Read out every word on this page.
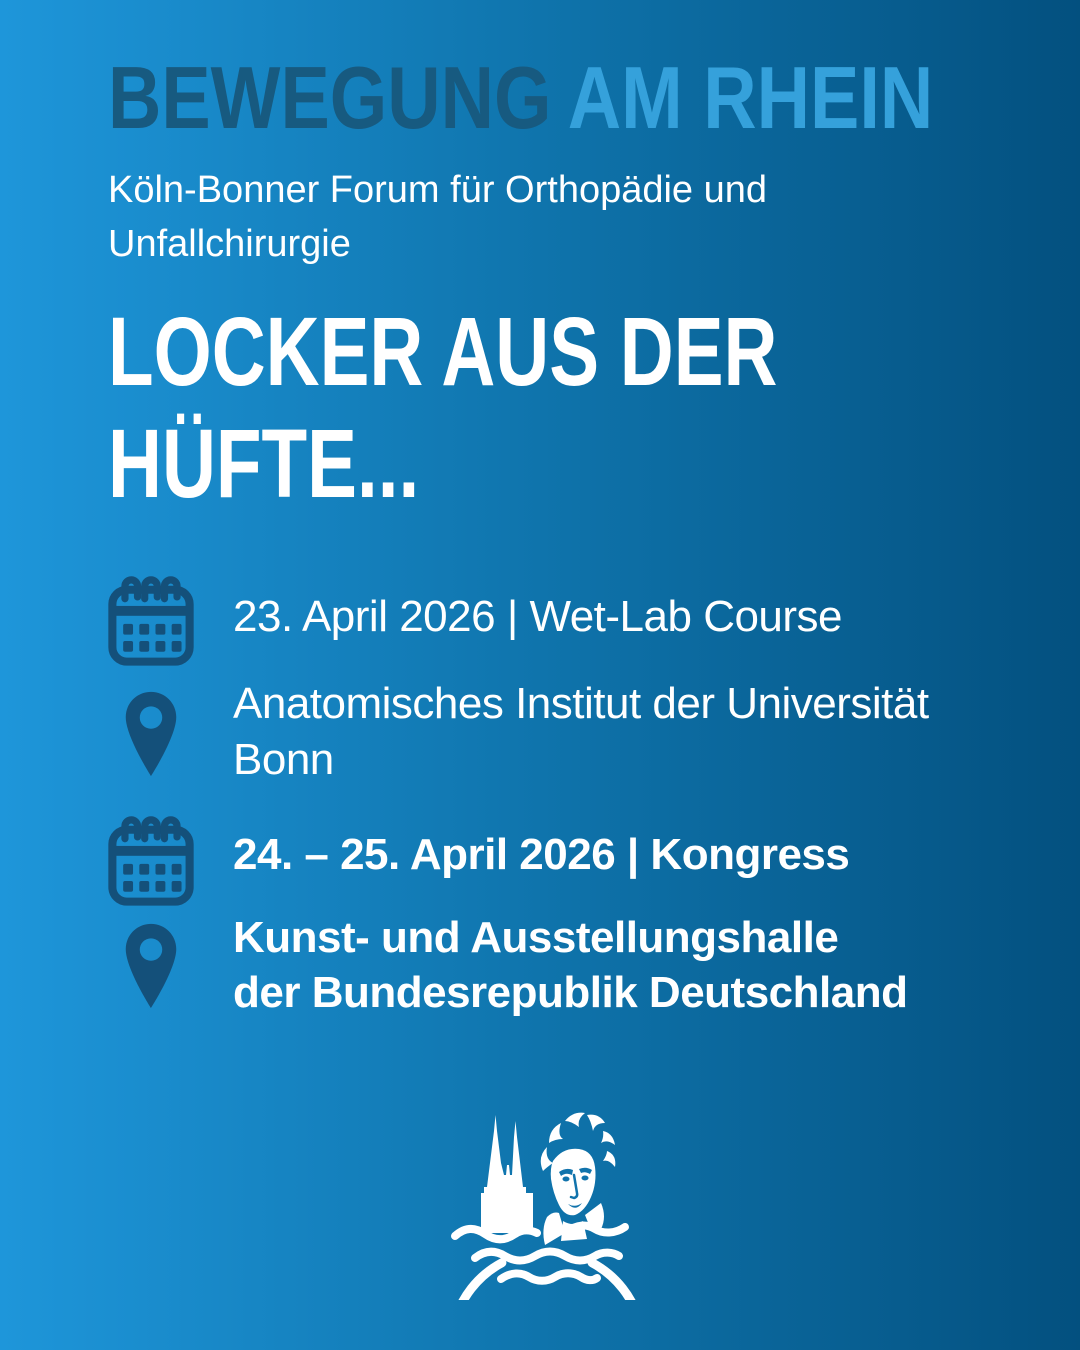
BEWEGUNG AM RHEIN
Köln-Bonner Forum für Orthopädie und Unfallchirurgie
LOCKER AUS DER
HÜFTE...
23. April 2026 | Wet-Lab Course
Anatomisches Institut der Universität
Bonn
24. – 25. April 2026 | Kongress
Kunst- und Ausstellungshalle
der Bundesrepublik Deutschland
